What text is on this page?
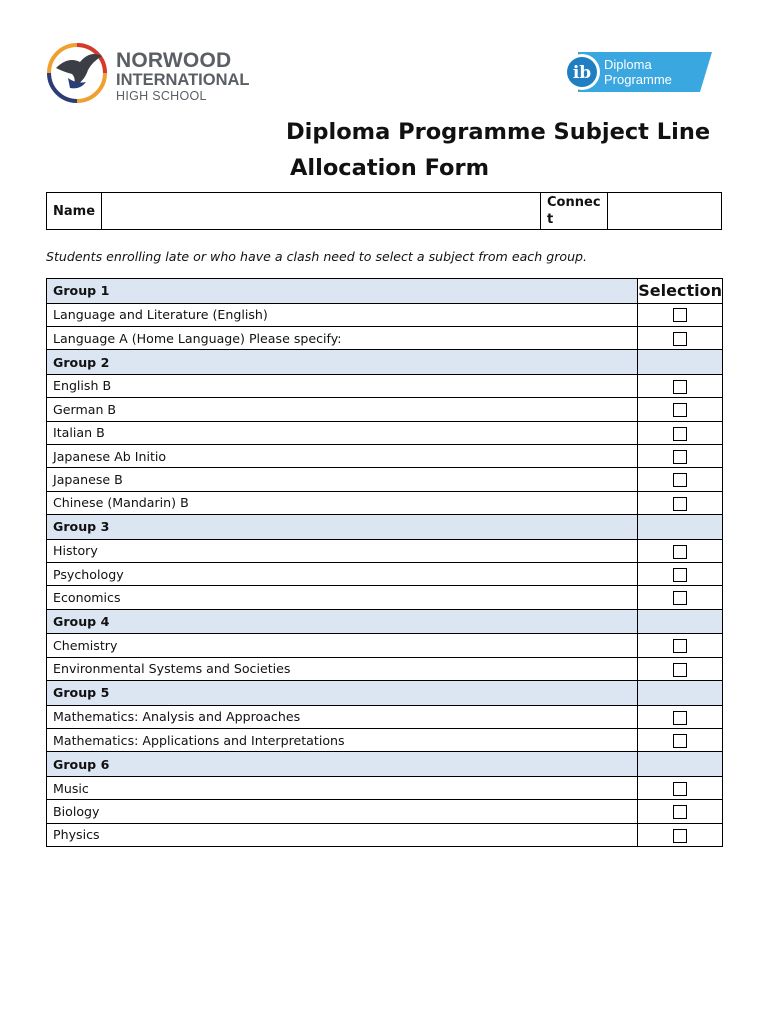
NORWOOD
INTERNATIONAL
HIGH SCHOOL
ib Diploma
Programme
Diploma Programme Subject Line
Allocation Form
Name		Connec
t	
Students enrolling late or who have a clash need to select a subject from each group.
Group 1	Selection
Language and Literature (English)	
Language A (Home Language) Please specify:	
Group 2	
English B	
German B	
Italian B	
Japanese Ab Initio	
Japanese B	
Chinese (Mandarin) B	
Group 3	
History	
Psychology	
Economics	
Group 4	
Chemistry	
Environmental Systems and Societies	
Group 5	
Mathematics: Analysis and Approaches	
Mathematics: Applications and Interpretations	
Group 6	
Music	
Biology	
Physics	
